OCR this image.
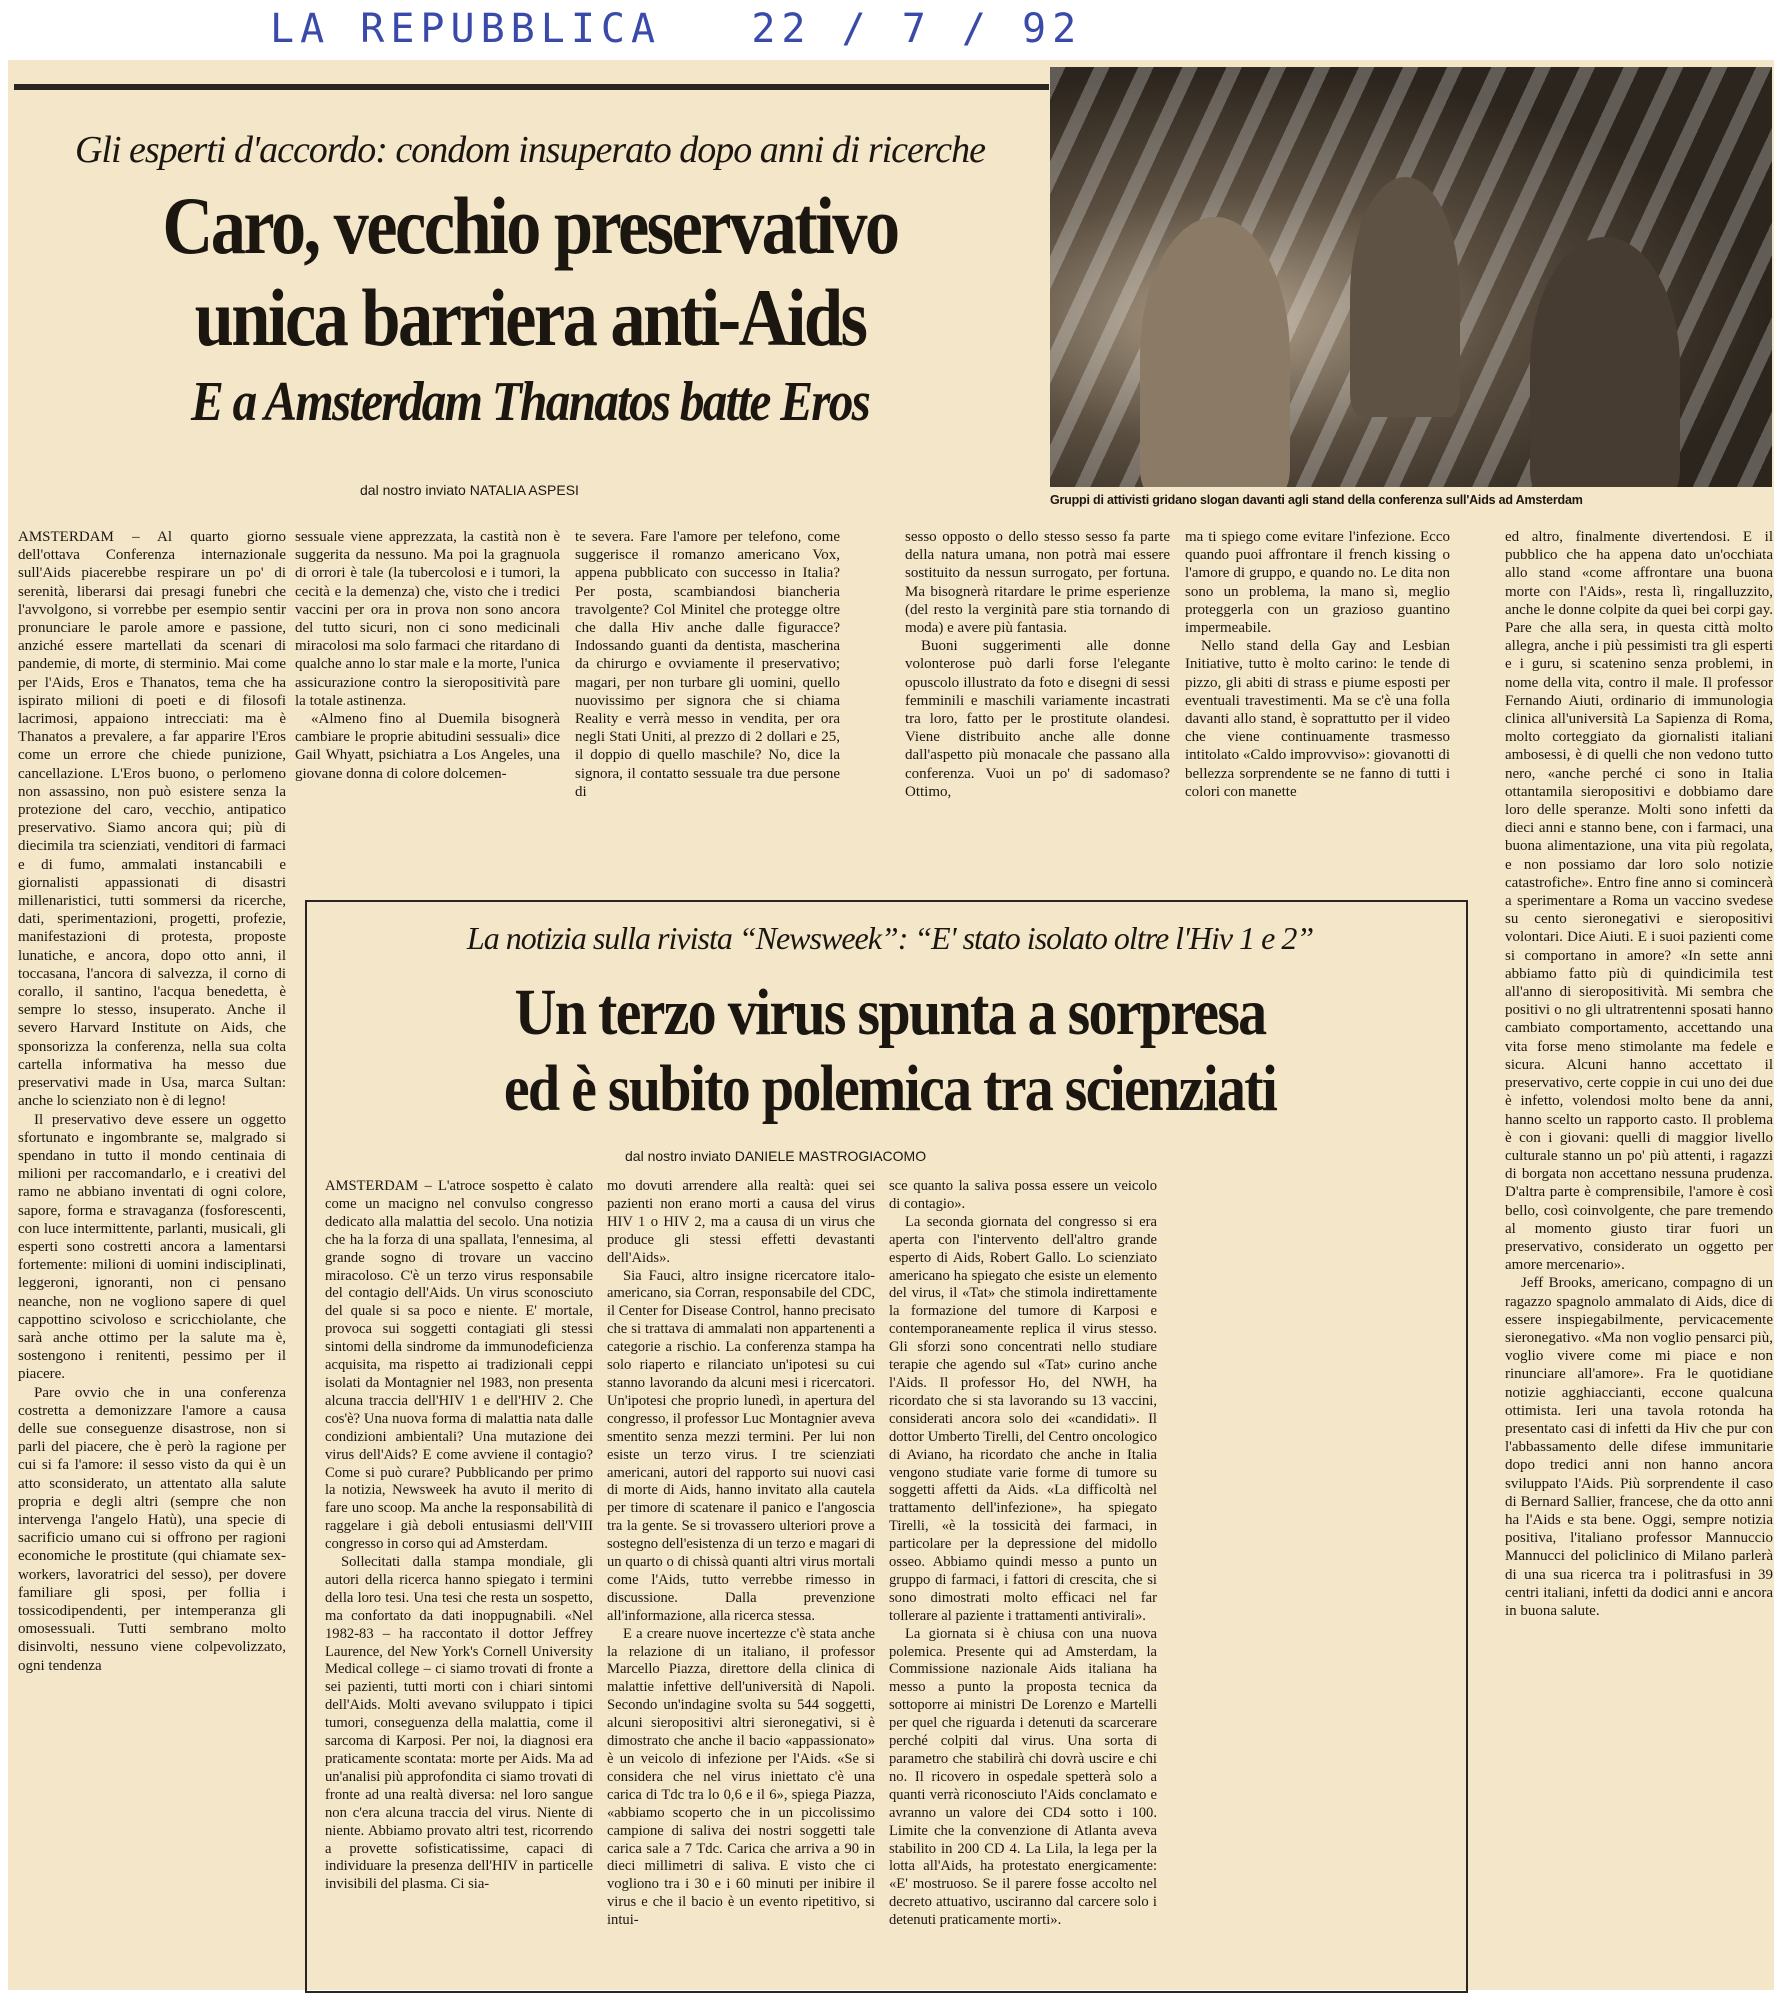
LA REPUBBLICA   22 / 7 / 92
Gli esperti d'accordo: condom insuperato dopo anni di ricerche
Caro, vecchio preservativo
unica barriera anti-Aids
E a Amsterdam Thanatos batte Eros
dal nostro inviato NATALIA ASPESI
Gruppi di attivisti gridano slogan davanti agli stand della conferenza sull'Aids ad Amsterdam

AMSTERDAM – Al quarto giorno dell'ottava Conferenza internazionale sull'Aids piacerebbe respirare un po' di serenità, liberarsi dai presagi funebri che l'avvolgono, si vorrebbe per esempio sentir pronunciare le parole amore e passione, anziché essere martellati da scenari di pandemie, di morte, di sterminio. Mai come per l'Aids, Eros e Thanatos, tema che ha ispirato milioni di poeti e di filosofi lacrimosi, appaiono intrecciati: ma è Thanatos a prevalere, a far apparire l'Eros come un errore che chiede punizione, cancellazione. L'Eros buono, o perlomeno non assassino, non può esistere senza la protezione del caro, vecchio, antipatico preservativo. Siamo ancora qui; più di diecimila tra scienziati, venditori di farmaci e di fumo, ammalati instancabili e giornalisti appassionati di disastri millenaristici, tutti sommersi da ricerche, dati, sperimentazioni, progetti, profezie, manifestazioni di protesta, proposte lunatiche, e ancora, dopo otto anni, il toccasana, l'ancora di salvezza, il corno di corallo, il santino, l'acqua benedetta, è sempre lo stesso, insuperato. Anche il severo Harvard Institute on Aids, che sponsorizza la conferenza, nella sua colta cartella informativa ha messo due preservativi made in Usa, marca Sultan: anche lo scienziato non è di legno!

Il preservativo deve essere un oggetto sfortunato e ingombrante se, malgrado si spendano in tutto il mondo centinaia di milioni per raccomandarlo, e i creativi del ramo ne abbiano inventati di ogni colore, sapore, forma e stravaganza (fosforescenti, con luce intermittente, parlanti, musicali, gli esperti sono costretti ancora a lamentarsi fortemente: milioni di uomini indisciplinati, leggeroni, ignoranti, non ci pensano neanche, non ne vogliono sapere di quel cappottino scivoloso e scricchiolante, che sarà anche ottimo per la salute ma è, sostengono i renitenti, pessimo per il piacere.

Pare ovvio che in una conferenza costretta a demonizzare l'amore a causa delle sue conseguenze disastrose, non si parli del piacere, che è però la ragione per cui si fa l'amore: il sesso visto da qui è un atto sconsiderato, un attentato alla salute propria e degli altri (sempre che non intervenga l'angelo Hatù), una specie di sacrificio umano cui si offrono per ragioni economiche le prostitute (qui chiamate sex-workers, lavoratrici del sesso), per dovere familiare gli sposi, per follia i tossicodipendenti, per intemperanza gli omosessuali. Tutti sembrano molto disinvolti, nessuno viene colpevolizzato, ogni tendenza

sessuale viene apprezzata, la castità non è suggerita da nessuno. Ma poi la gragnuola di orrori è tale (la tubercolosi e i tumori, la cecità e la demenza) che, visto che i tredici vaccini per ora in prova non sono ancora del tutto sicuri, non ci sono medicinali miracolosi ma solo farmaci che ritardano di qualche anno lo star male e la morte, l'unica assicurazione contro la sieropositività pare la totale astinenza.

«Almeno fino al Duemila bisognerà cambiare le proprie abitudini sessuali» dice Gail Whyatt, psichiatra a Los Angeles, una giovane donna di colore dolcemen-

te severa. Fare l'amore per telefono, come suggerisce il romanzo americano Vox, appena pubblicato con successo in Italia? Per posta, scambiandosi biancheria travolgente? Col Minitel che protegge oltre che dalla Hiv anche dalle figuracce? Indossando guanti da dentista, mascherina da chirurgo e ovviamente il preservativo; magari, per non turbare gli uomini, quello nuovissimo per signora che si chiama Reality e verrà messo in vendita, per ora negli Stati Uniti, al prezzo di 2 dollari e 25, il doppio di quello maschile? No, dice la signora, il contatto sessuale tra due persone di

sesso opposto o dello stesso sesso fa parte della natura umana, non potrà mai essere sostituito da nessun surrogato, per fortuna. Ma bisognerà ritardare le prime esperienze (del resto la verginità pare stia tornando di moda) e avere più fantasia.

Buoni suggerimenti alle donne volonterose può darli forse l'elegante opuscolo illustrato da foto e disegni di sessi femminili e maschili variamente incastrati tra loro, fatto per le prostitute olandesi. Viene distribuito anche alle donne dall'aspetto più monacale che passano alla conferenza. Vuoi un po' di sadomaso? Ottimo,

ma ti spiego come evitare l'infezione. Ecco quando puoi affrontare il french kissing o l'amore di gruppo, e quando no. Le dita non sono un problema, la mano sì, meglio proteggerla con un grazioso guantino impermeabile.

Nello stand della Gay and Lesbian Initiative, tutto è molto carino: le tende di pizzo, gli abiti di strass e piume esposti per eventuali travestimenti. Ma se c'è una folla davanti allo stand, è soprattutto per il video che viene continuamente trasmesso intitolato «Caldo improvviso»: giovanotti di bellezza sorprendente se ne fanno di tutti i colori con manette

ed altro, finalmente divertendosi. E il pubblico che ha appena dato un'occhiata allo stand «come affrontare una buona morte con l'Aids», resta lì, ringalluzzito, anche le donne colpite da quei bei corpi gay. Pare che alla sera, in questa città molto allegra, anche i più pessimisti tra gli esperti e i guru, si scatenino senza problemi, in nome della vita, contro il male. Il professor Fernando Aiuti, ordinario di immunologia clinica all'università La Sapienza di Roma, molto corteggiato da giornalisti italiani ambosessi, è di quelli che non vedono tutto nero, «anche perché ci sono in Italia ottantamila sieropositivi e dobbiamo dare loro delle speranze. Molti sono infetti da dieci anni e stanno bene, con i farmaci, una buona alimentazione, una vita più regolata, e non possiamo dar loro solo notizie catastrofiche». Entro fine anno si comincerà a sperimentare a Roma un vaccino svedese su cento sieronegativi e sieropositivi volontari. Dice Aiuti. E i suoi pazienti come si comportano in amore? «In sette anni abbiamo fatto più di quindicimila test all'anno di sieropositività. Mi sembra che positivi o no gli ultratrentenni sposati hanno cambiato comportamento, accettando una vita forse meno stimolante ma fedele e sicura. Alcuni hanno accettato il preservativo, certe coppie in cui uno dei due è infetto, volendosi molto bene da anni, hanno scelto un rapporto casto. Il problema è con i giovani: quelli di maggior livello culturale stanno un po' più attenti, i ragazzi di borgata non accettano nessuna prudenza. D'altra parte è comprensibile, l'amore è così bello, così coinvolgente, che pare tremendo al momento giusto tirar fuori un preservativo, considerato un oggetto per amore mercenario».

Jeff Brooks, americano, compagno di un ragazzo spagnolo ammalato di Aids, dice di essere inspiegabilmente, pervicacemente sieronegativo. «Ma non voglio pensarci più, voglio vivere come mi piace e non rinunciare all'amore». Fra le quotidiane notizie agghiaccianti, eccone qualcuna ottimista. Ieri una tavola rotonda ha presentato casi di infetti da Hiv che pur con l'abbassamento delle difese immunitarie dopo tredici anni non hanno ancora sviluppato l'Aids. Più sorprendente il caso di Bernard Sallier, francese, che da otto anni ha l'Aids e sta bene. Oggi, sempre notizia positiva, l'italiano professor Mannuccio Mannucci del policlinico di Milano parlerà di una sua ricerca tra i politrasfusi in 39 centri italiani, infetti da dodici anni e ancora in buona salute.

La notizia sulla rivista “Newsweek”: “E' stato isolato oltre l'Hiv 1 e 2”
Un terzo virus spunta a sorpresa
ed è subito polemica tra scienziati
dal nostro inviato DANIELE MASTROGIACOMO

AMSTERDAM – L'atroce sospetto è calato come un macigno nel convulso congresso dedicato alla malattia del secolo. Una notizia che ha la forza di una spallata, l'ennesima, al grande sogno di trovare un vaccino miracoloso. C'è un terzo virus responsabile del contagio dell'Aids. Un virus sconosciuto del quale si sa poco e niente. E' mortale, provoca sui soggetti contagiati gli stessi sintomi della sindrome da immunodeficienza acquisita, ma rispetto ai tradizionali ceppi isolati da Montagnier nel 1983, non presenta alcuna traccia dell'HIV 1 e dell'HIV 2. Che cos'è? Una nuova forma di malattia nata dalle condizioni ambientali? Una mutazione dei virus dell'Aids? E come avviene il contagio? Come si può curare? Pubblicando per primo la notizia, Newsweek ha avuto il merito di fare uno scoop. Ma anche la responsabilità di raggelare i già deboli entusiasmi dell'VIII congresso in corso qui ad Amsterdam.

Sollecitati dalla stampa mondiale, gli autori della ricerca hanno spiegato i termini della loro tesi. Una tesi che resta un sospetto, ma confortato da dati inoppugnabili. «Nel 1982-83 – ha raccontato il dottor Jeffrey Laurence, del New York's Cornell University Medical college – ci siamo trovati di fronte a sei pazienti, tutti morti con i chiari sintomi dell'Aids. Molti avevano sviluppato i tipici tumori, conseguenza della malattia, come il sarcoma di Karposi. Per noi, la diagnosi era praticamente scontata: morte per Aids. Ma ad un'analisi più approfondita ci siamo trovati di fronte ad una realtà diversa: nel loro sangue non c'era alcuna traccia del virus. Niente di niente. Abbiamo provato altri test, ricorrendo a provette sofisticatissime, capaci di individuare la presenza dell'HIV in particelle invisibili del plasma. Ci sia-

mo dovuti arrendere alla realtà: quei sei pazienti non erano morti a causa del virus HIV 1 o HIV 2, ma a causa di un virus che produce gli stessi effetti devastanti dell'Aids».

Sia Fauci, altro insigne ricercatore italo-americano, sia Corran, responsabile del CDC, il Center for Disease Control, hanno precisato che si trattava di ammalati non appartenenti a categorie a rischio. La conferenza stampa ha solo riaperto e rilanciato un'ipotesi su cui stanno lavorando da alcuni mesi i ricercatori. Un'ipotesi che proprio lunedì, in apertura del congresso, il professor Luc Montagnier aveva smentito senza mezzi termini. Per lui non esiste un terzo virus. I tre scienziati americani, autori del rapporto sui nuovi casi di morte di Aids, hanno invitato alla cautela per timore di scatenare il panico e l'angoscia tra la gente. Se si trovassero ulteriori prove a sostegno dell'esistenza di un terzo e magari di un quarto o di chissà quanti altri virus mortali come l'Aids, tutto verrebbe rimesso in discussione. Dalla prevenzione all'informazione, alla ricerca stessa.

E a creare nuove incertezze c'è stata anche la relazione di un italiano, il professor Marcello Piazza, direttore della clinica di malattie infettive dell'università di Napoli. Secondo un'indagine svolta su 544 soggetti, alcuni sieropositivi altri sieronegativi, si è dimostrato che anche il bacio «appassionato» è un veicolo di infezione per l'Aids. «Se si considera che nel virus iniettato c'è una carica di Tdc tra lo 0,6 e il 6», spiega Piazza, «abbiamo scoperto che in un piccolissimo campione di saliva dei nostri soggetti tale carica sale a 7 Tdc. Carica che arriva a 90 in dieci millimetri di saliva. E visto che ci vogliono tra i 30 e i 60 minuti per inibire il virus e che il bacio è un evento ripetitivo, si intui-

sce quanto la saliva possa essere un veicolo di contagio».

La seconda giornata del congresso si era aperta con l'intervento dell'altro grande esperto di Aids, Robert Gallo. Lo scienziato americano ha spiegato che esiste un elemento del virus, il «Tat» che stimola indirettamente la formazione del tumore di Karposi e contemporaneamente replica il virus stesso. Gli sforzi sono concentrati nello studiare terapie che agendo sul «Tat» curino anche l'Aids. Il professor Ho, del NWH, ha ricordato che si sta lavorando su 13 vaccini, considerati ancora solo dei «candidati». Il dottor Umberto Tirelli, del Centro oncologico di Aviano, ha ricordato che anche in Italia vengono studiate varie forme di tumore su soggetti affetti da Aids. «La difficoltà nel trattamento dell'infezione», ha spiegato Tirelli, «è la tossicità dei farmaci, in particolare per la depressione del midollo osseo. Abbiamo quindi messo a punto un gruppo di farmaci, i fattori di crescita, che si sono dimostrati molto efficaci nel far tollerare al paziente i trattamenti antivirali».

La giornata si è chiusa con una nuova polemica. Presente qui ad Amsterdam, la Commissione nazionale Aids italiana ha messo a punto la proposta tecnica da sottoporre ai ministri De Lorenzo e Martelli per quel che riguarda i detenuti da scarcerare perché colpiti dal virus. Una sorta di parametro che stabilirà chi dovrà uscire e chi no. Il ricovero in ospedale spetterà solo a quanti verrà riconosciuto l'Aids conclamato e avranno un valore dei CD4 sotto i 100. Limite che la convenzione di Atlanta aveva stabilito in 200 CD 4. La Lila, la lega per la lotta all'Aids, ha protestato energicamente: «E' mostruoso. Se il parere fosse accolto nel decreto attuativo, usciranno dal carcere solo i detenuti praticamente morti».
